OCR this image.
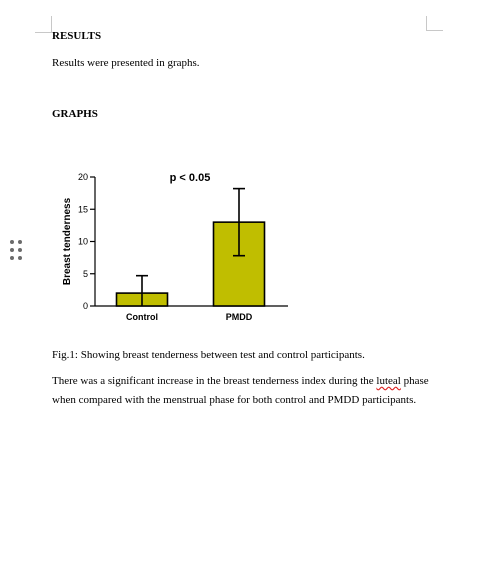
RESULTS
Results were presented in graphs.
GRAPHS
0
5
10
15
20
Breast tenderness
Control	PMDD
p < 0.05
Fig.1: Showing breast tenderness between test and control participants.
There was a significant increase in the breast tenderness index during the luteal phase
when compared with the menstrual phase for both control and PMDD participants.
